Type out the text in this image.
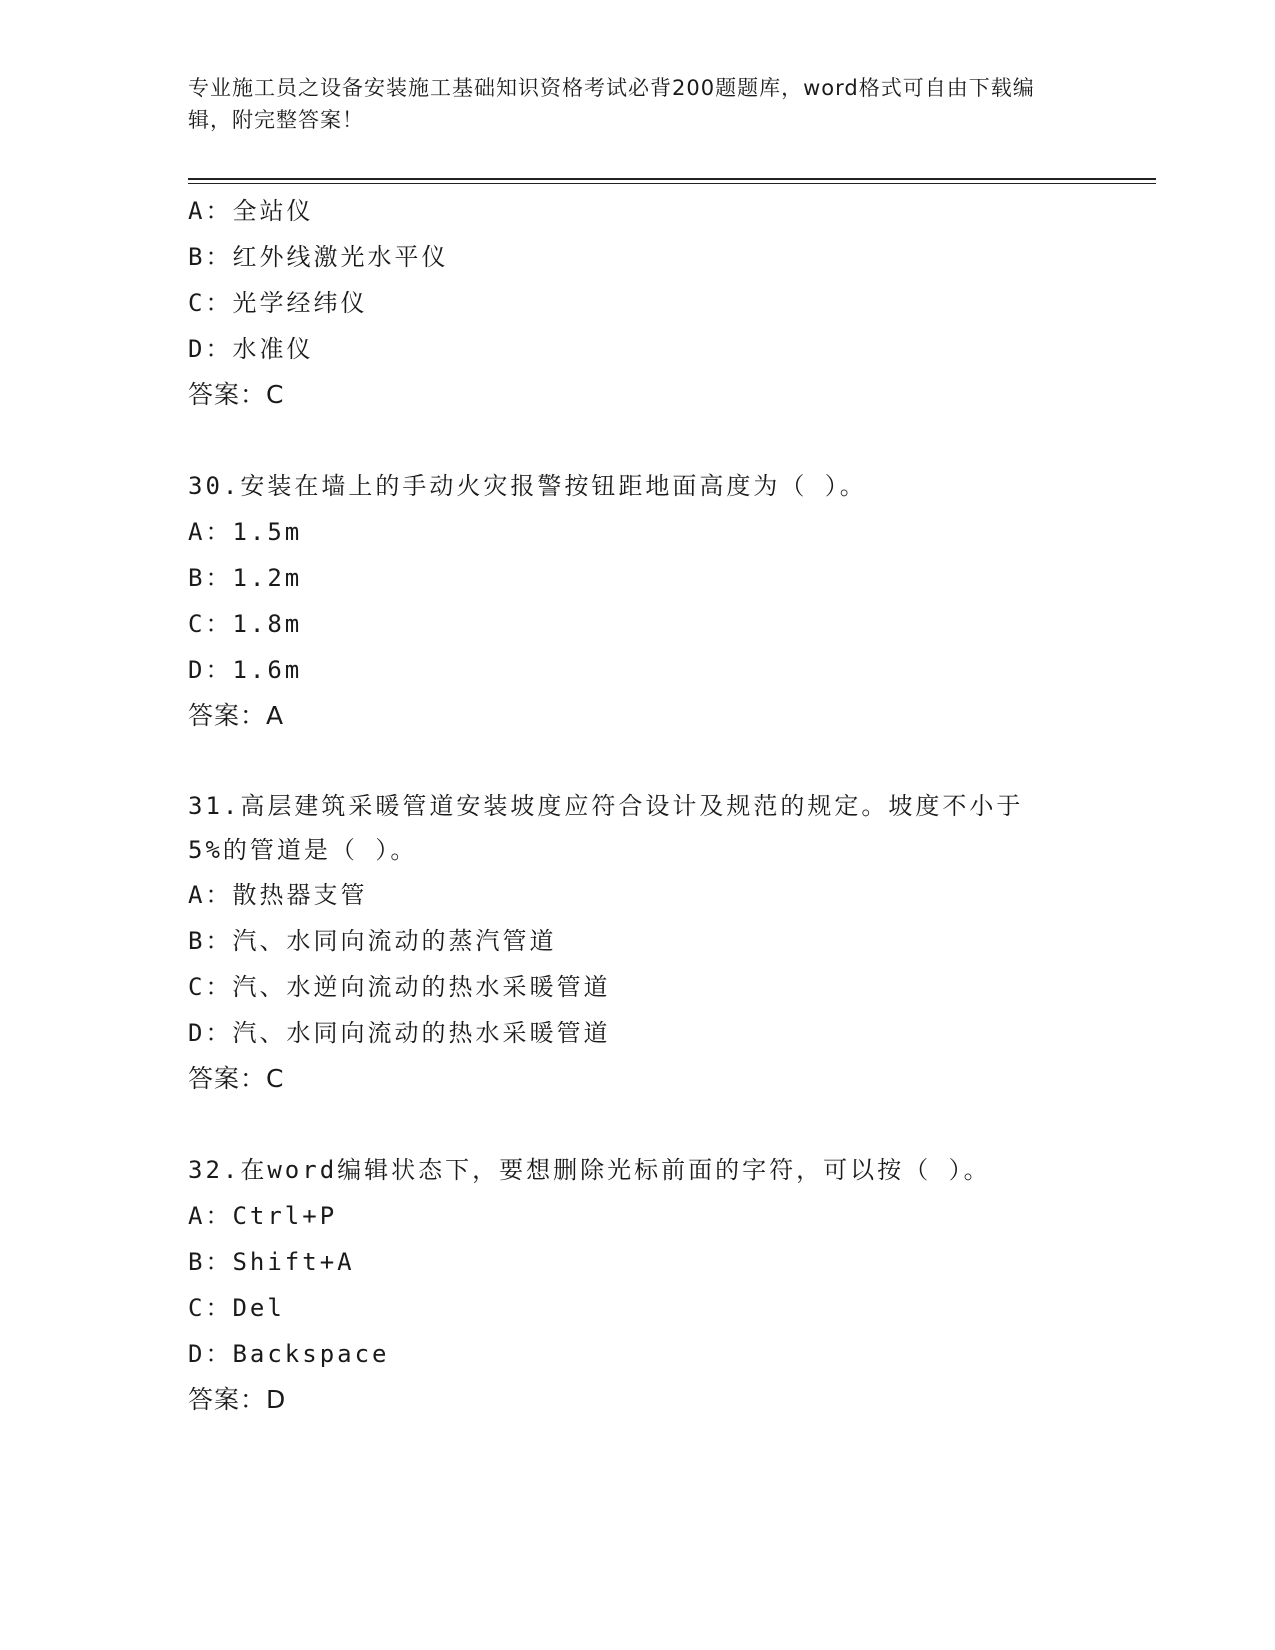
专业施工员之设备安装施工基础知识资格考试必背200题题库，word格式可自由下载编辑，附完整答案！
A：全站仪
B：红外线激光水平仪
C：光学经纬仪
D：水准仪
答案：C
30.安装在墙上的手动火灾报警按钮距地面高度为（ ）。
A：1.5m
B：1.2m
C：1.8m
D：1.6m
答案：A
31.高层建筑采暖管道安装坡度应符合设计及规范的规定。坡度不小于5%的管道是（ ）。
A：散热器支管
B：汽、水同向流动的蒸汽管道
C：汽、水逆向流动的热水采暖管道
D：汽、水同向流动的热水采暖管道
答案：C
32.在word编辑状态下，要想删除光标前面的字符，可以按（ ）。
A：Ctrl+P
B：Shift+A
C：Del
D：Backspace
答案：D
